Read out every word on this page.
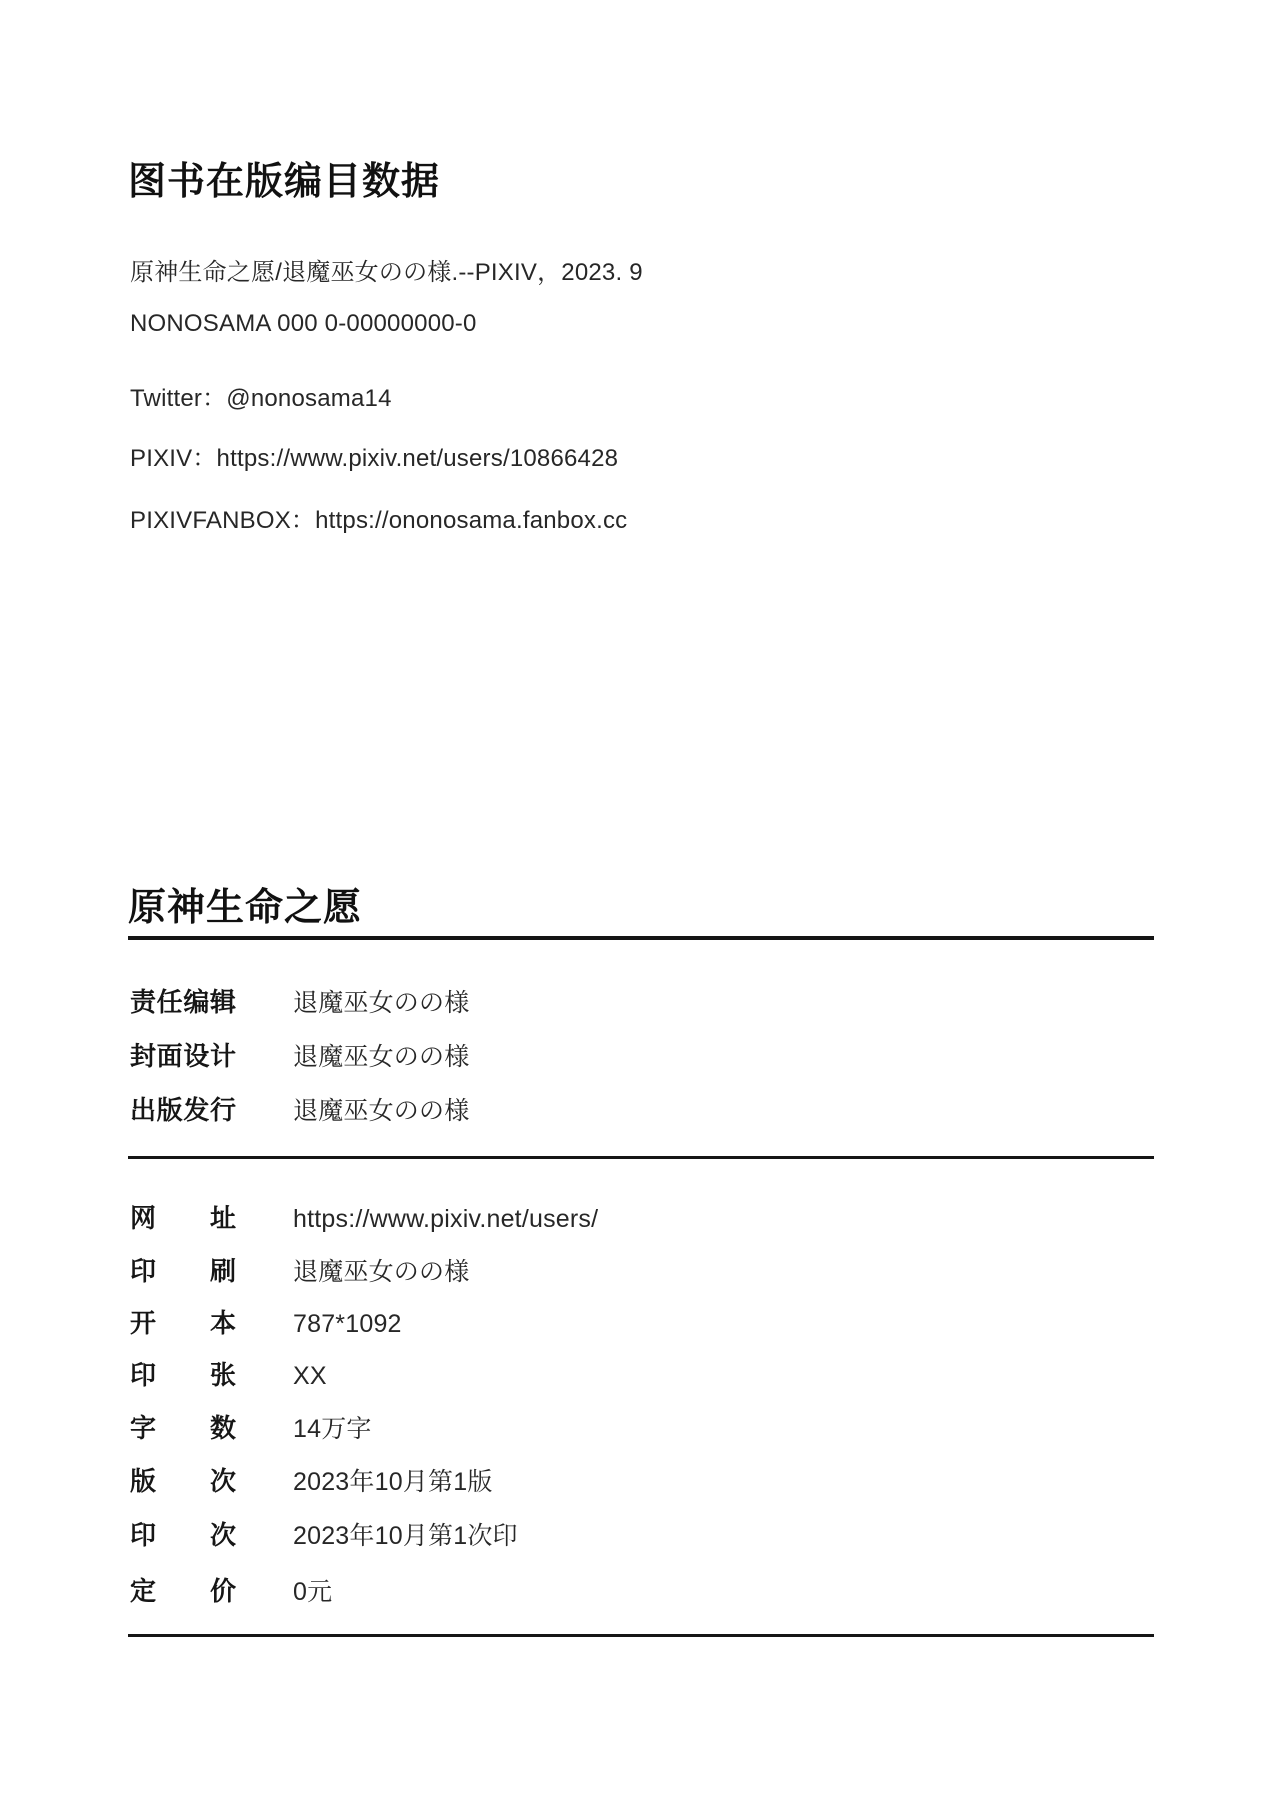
图书在版编目数据
原神生命之愿/退魔巫女のの様.--PIXIV，2023. 9
NONOSAMA 000 0-00000000-0
Twitter：@nonosama14
PIXIV：https://www.pixiv.net/users/10866428
PIXIVFANBOX：https://ononosama.fanbox.cc
原神生命之愿
责任编辑 退魔巫女のの様
封面设计 退魔巫女のの様
出版发行 退魔巫女のの様
网址 https://www.pixiv.net/users/
印刷 退魔巫女のの様
开本 787*1092
印张 XX
字数 14万字
版次 2023年10月第1版
印次 2023年10月第1次印
定价 0元
